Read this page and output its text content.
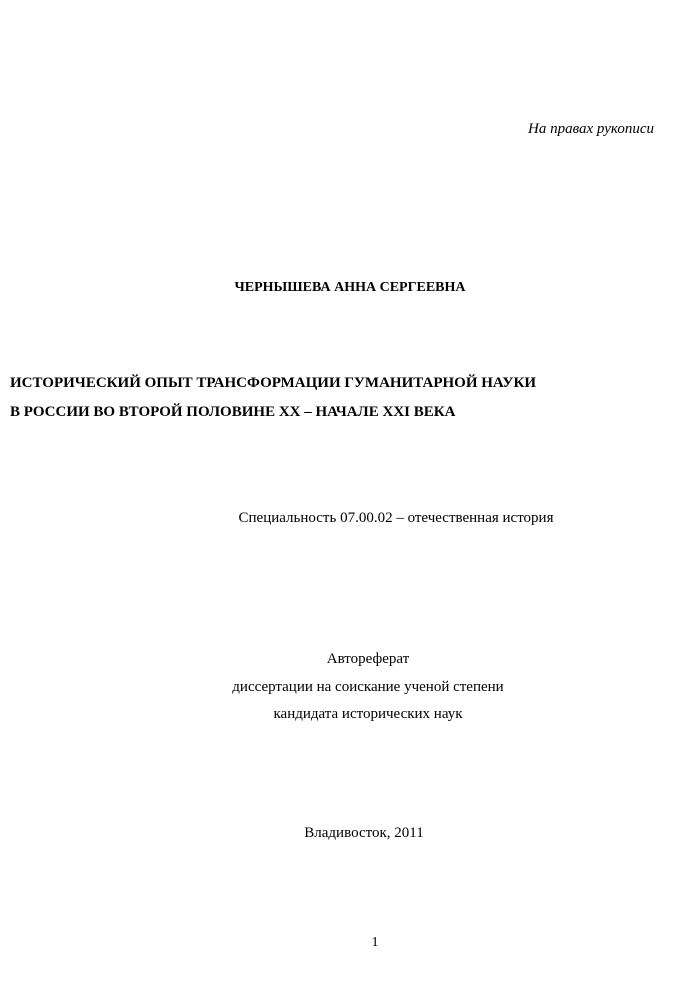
На правах рукописи
ЧЕРНЫШЕВА АННА СЕРГЕЕВНА
ИСТОРИЧЕСКИЙ ОПЫТ ТРАНСФОРМАЦИИ ГУМАНИТАРНОЙ НАУКИ
В РОССИИ ВО ВТОРОЙ ПОЛОВИНЕ XX – НАЧАЛЕ XXI ВЕКА
Специальность 07.00.02 – отечественная история
Автореферат
диссертации на соискание ученой степени
кандидата исторических наук
Владивосток, 2011
1
